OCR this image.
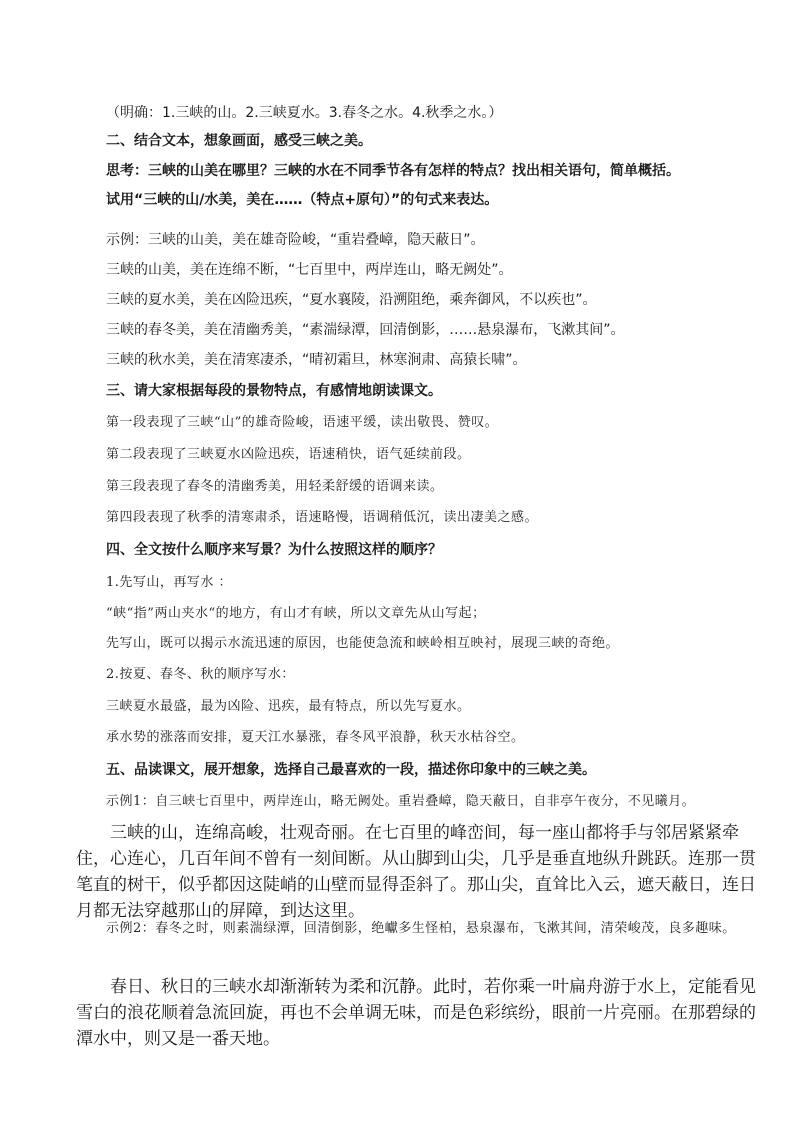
（明确：1.三峡的山。2.三峡夏水。3.春冬之水。4.秋季之水。）
二、结合文本，想象画面，感受三峡之美。
思考：三峡的山美在哪里？三峡的水在不同季节各有怎样的特点？找出相关语句，简单概括。
试用“三峡的山/水美，美在……（特点+原句）”的句式来表达。
示例：三峡的山美，美在雄奇险峻，“重岩叠嶂，隐天蔽日”。
三峡的山美，美在连绵不断，“七百里中，两岸连山，略无阙处”。
三峡的夏水美，美在凶险迅疾，“夏水襄陵，沿溯阻绝，乘奔御风，不以疾也”。
三峡的春冬美，美在清幽秀美，“素湍绿潭，回清倒影，……悬泉瀑布，飞漱其间”。
三峡的秋水美，美在清寒凄杀，“晴初霜旦，林寒涧肃、高猿长啸”。
三、请大家根据每段的景物特点，有感情地朗读课文。
第一段表现了三峡“山”的雄奇险峻，语速平缓，读出敬畏、赞叹。
第二段表现了三峡夏水凶险迅疾，语速稍快，语气延续前段。
第三段表现了春冬的清幽秀美，用轻柔舒缓的语调来读。
第四段表现了秋季的清寒肃杀，语速略慢，语调稍低沉，读出凄美之感。
四、全文按什么顺序来写景？为什么按照这样的顺序？
1.先写山，再写水 ：
“峡“指”两山夹水“的地方，有山才有峡，所以文章先从山写起；
先写山，既可以揭示水流迅速的原因，也能使急流和峡岭相互映衬，展现三峡的奇绝。
2.按夏、春冬、秋的顺序写水：
三峡夏水最盛，最为凶险、迅疾，最有特点，所以先写夏水。
承水势的涨落而安排，夏天江水暴涨，春冬风平浪静，秋天水枯谷空。
五、品读课文，展开想象，选择自己最喜欢的一段，描述你印象中的三峡之美。
示例1：自三峡七百里中，两岸连山，略无阙处。重岩叠嶂，隐天蔽日，自非亭午夜分，不见曦月。
三峡的山，连绵高峻，壮观奇丽。在七百里的峰峦间，每一座山都将手与邻居紧紧牵住，心连心，几百年间不曾有一刻间断。从山脚到山尖，几乎是垂直地纵升跳跃。连那一贯笔直的树干，似乎都因这陡峭的山壁而显得歪斜了。那山尖，直耸比入云，遮天蔽日，连日月都无法穿越那山的屏障，到达这里。
示例2：春冬之时，则素湍绿潭，回清倒影，绝巘多生怪柏，悬泉瀑布，飞漱其间，清荣峻茂，良多趣味。
春日、秋日的三峡水却渐渐转为柔和沉静。此时，若你乘一叶扁舟游于水上，定能看见雪白的浪花顺着急流回旋，再也不会单调无味，而是色彩缤纷，眼前一片亮丽。在那碧绿的潭水中，则又是一番天地。
